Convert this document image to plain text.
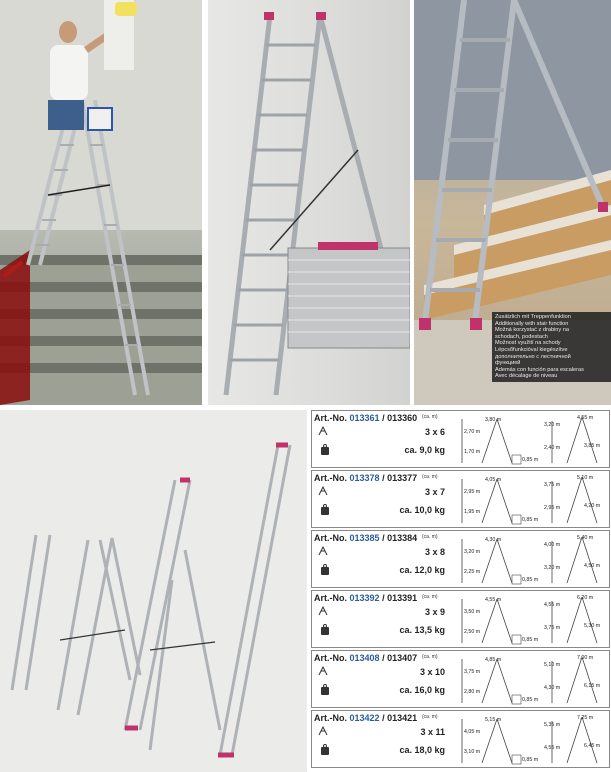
Zusätzlich mit Treppenfunktion
Additionally with stair function
Možná korzystać z drabiny na
schodach, podestach
Možnost využití na schody
Lépcsőfunkcióval kiegészítve
дополнительно с лестничной
функцией
Además con función para escaleras
Avec décalage de niveau
Art.-No. 013361 / 013360 (ca. m)
3 x 6
ca. 9,0 kg
2,70 m
3,80 m
1,70 m
0,85 m
3,20 m
2,40 m
4,55 m
3,85 m
Art.-No. 013378 / 013377 (ca. m)
3 x 7
ca. 10,0 kg
2,95 m
4,05 m
1,95 m
0,85 m
3,75 m
2,95 m
5,10 m
4,20 m
Art.-No. 013385 / 013384 (ca. m)
3 x 8
ca. 12,0 kg
3,20 m
4,30 m
2,25 m
0,85 m
4,00 m
3,20 m
5,40 m
4,50 m
Art.-No. 013392 / 013391 (ca. m)
3 x 9
ca. 13,5 kg
3,50 m
4,55 m
2,50 m
0,85 m
4,55 m
3,75 m
6,20 m
5,30 m
Art.-No. 013408 / 013407 (ca. m)
3 x 10
ca. 16,0 kg
3,75 m
4,85 m
2,80 m
0,85 m
5,10 m
4,30 m
7,00 m
6,15 m
Art.-No. 013422 / 013421 (ca. m)
3 x 11
ca. 18,0 kg
4,05 m
5,15 m
3,10 m
0,85 m
5,35 m
4,55 m
7,25 m
6,45 m
